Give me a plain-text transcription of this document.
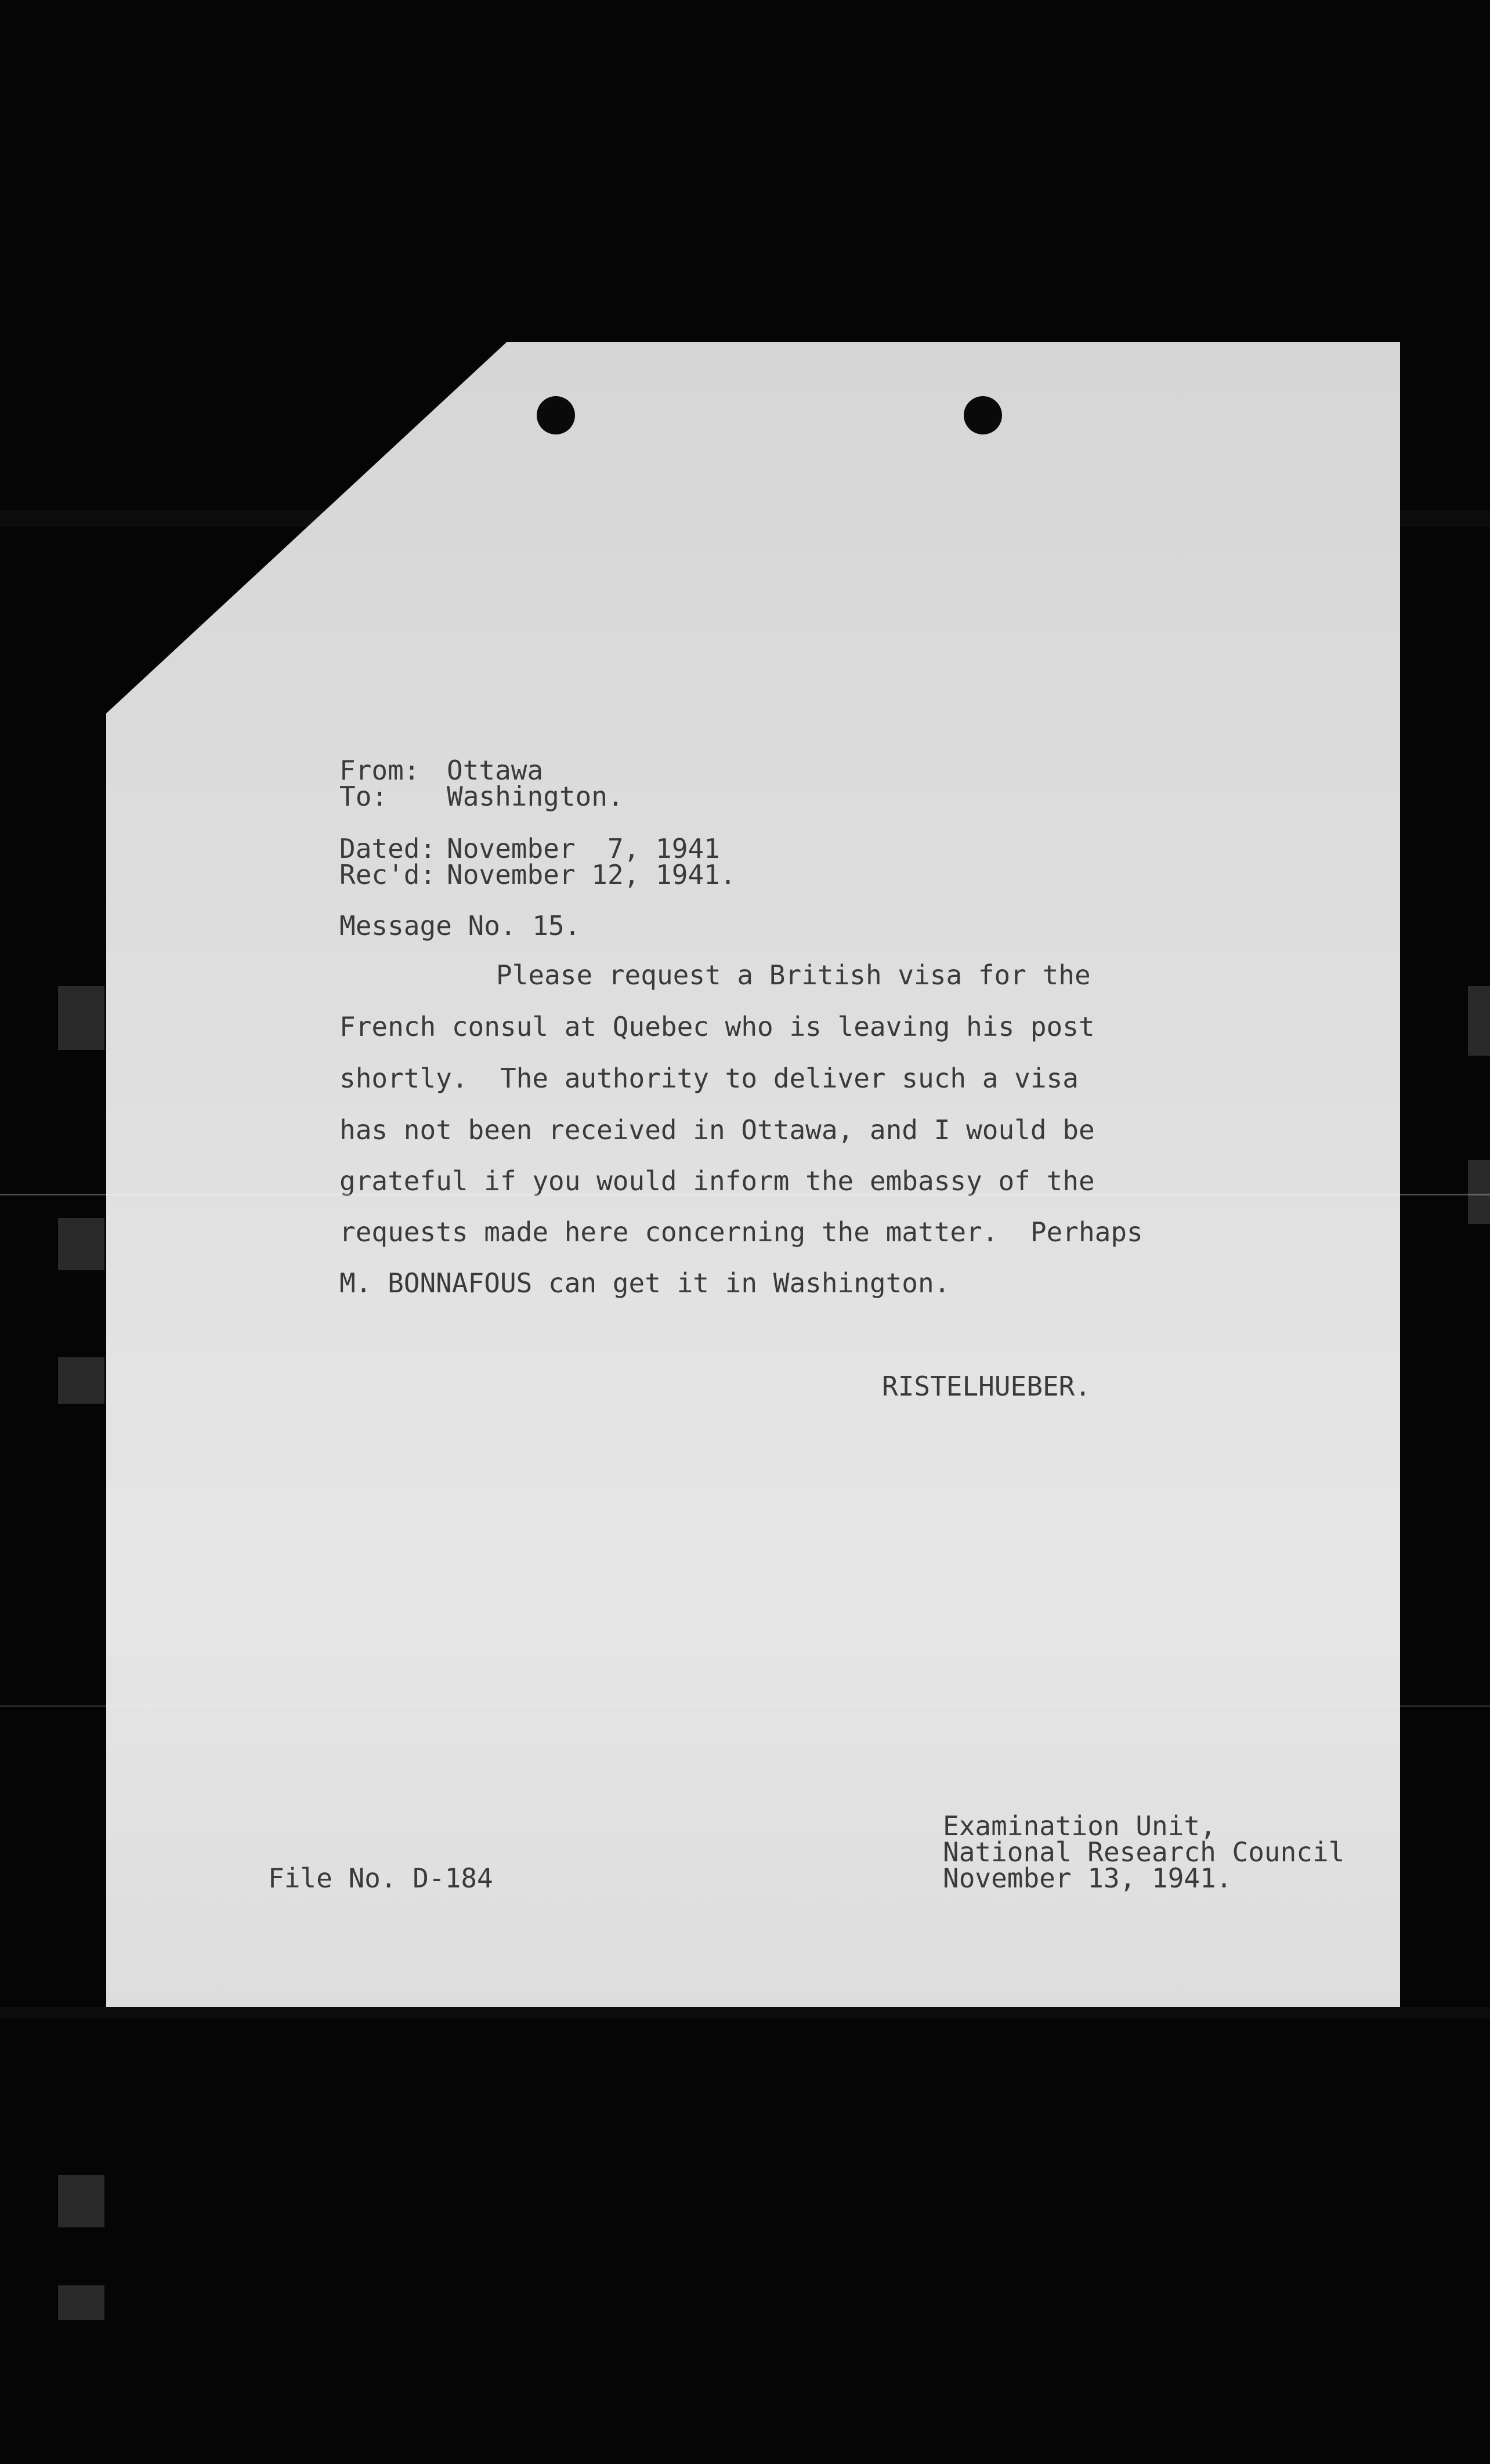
From: Ottawa
To: Washington.
Dated: November  7, 1941
Rec'd: November 12, 1941.
Message No. 15.
Please request a British visa for the
French consul at Quebec who is leaving his post
shortly.  The authority to deliver such a visa
has not been received in Ottawa, and I would be
grateful if you would inform the embassy of the
requests made here concerning the matter.  Perhaps
M. BONNAFOUS can get it in Washington.
RISTELHUEBER.
File No. D-184
Examination Unit,
National Research Council
November 13, 1941.
